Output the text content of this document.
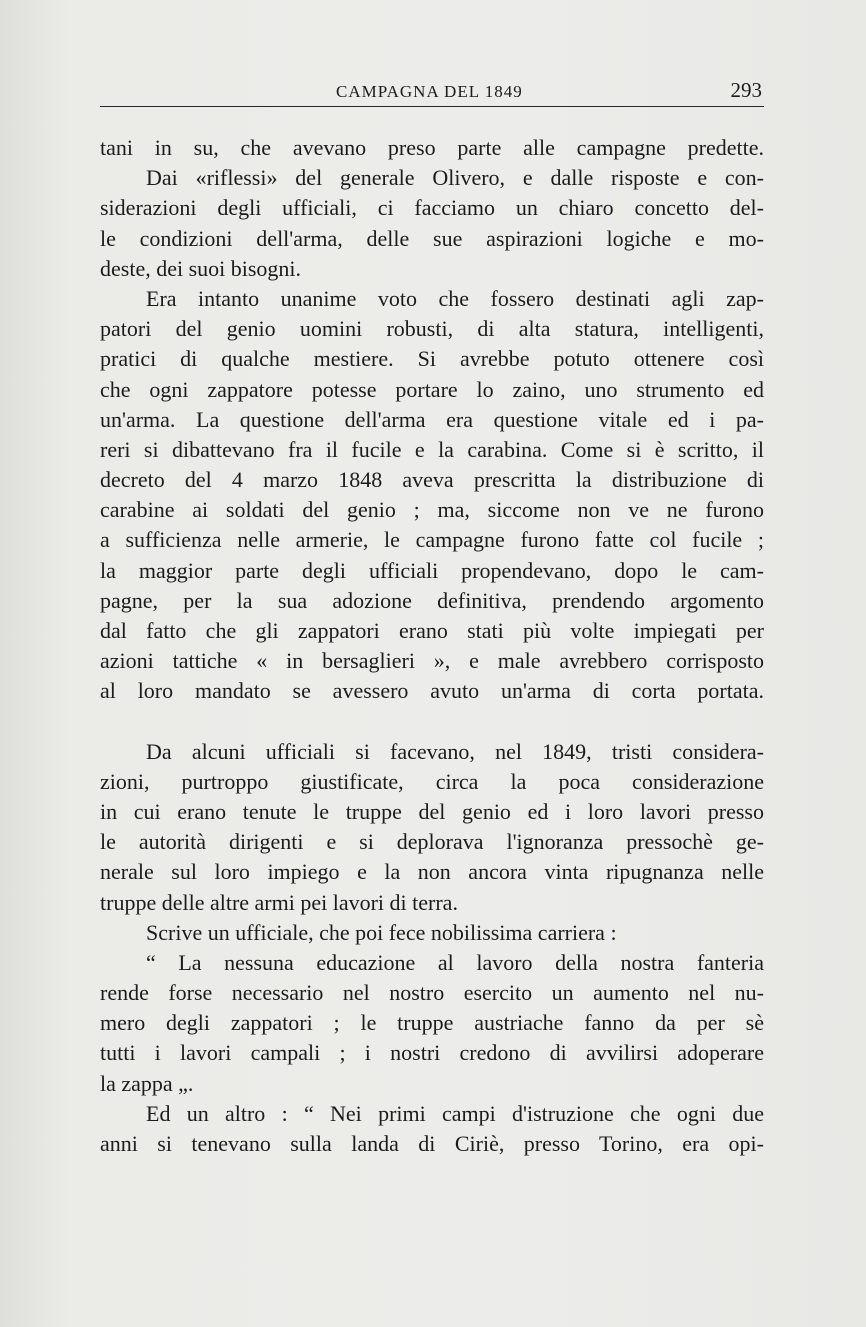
CAMPAGNA DEL 1849	293
tani in su, che avevano preso parte alle campagne predette.
Dai «riflessi» del generale Olivero, e dalle risposte e con-
siderazioni degli ufficiali, ci facciamo un chiaro concetto del-
le condizioni dell'arma, delle sue aspirazioni logiche e mo-
deste, dei suoi bisogni.
Era intanto unanime voto che fossero destinati agli zap-
patori del genio uomini robusti, di alta statura, intelligenti,
pratici di qualche mestiere. Si avrebbe potuto ottenere così
che ogni zappatore potesse portare lo zaino, uno strumento ed
un'arma. La questione dell'arma era questione vitale ed i pa-
reri si dibattevano fra il fucile e la carabina. Come si è scritto, il
decreto del 4 marzo 1848 aveva prescritta la distribuzione di
carabine ai soldati del genio ; ma, siccome non ve ne furono
a sufficienza nelle armerie, le campagne furono fatte col fucile ;
la maggior parte degli ufficiali propendevano, dopo le cam-
pagne, per la sua adozione definitiva, prendendo argomento
dal fatto che gli zappatori erano stati più volte impiegati per
azioni tattiche « in bersaglieri », e male avrebbero corrisposto
al loro mandato se avessero avuto un'arma di corta portata.
Da alcuni ufficiali si facevano, nel 1849, tristi considera-
zioni, purtroppo giustificate, circa la poca considerazione
in cui erano tenute le truppe del genio ed i loro lavori presso
le autorità dirigenti e si deplorava l'ignoranza pressochè ge-
nerale sul loro impiego e la non ancora vinta ripugnanza nelle
truppe delle altre armi pei lavori di terra.
Scrive un ufficiale, che poi fece nobilissima carriera :
“ La nessuna educazione al lavoro della nostra fanteria
rende forse necessario nel nostro esercito un aumento nel nu-
mero degli zappatori ; le truppe austriache fanno da per sè
tutti i lavori campali ; i nostri credono di avvilirsi adoperare
la zappa „.
Ed un altro : “ Nei primi campi d'istruzione che ogni due
anni si tenevano sulla landa di Ciriè, presso Torino, era opi-
